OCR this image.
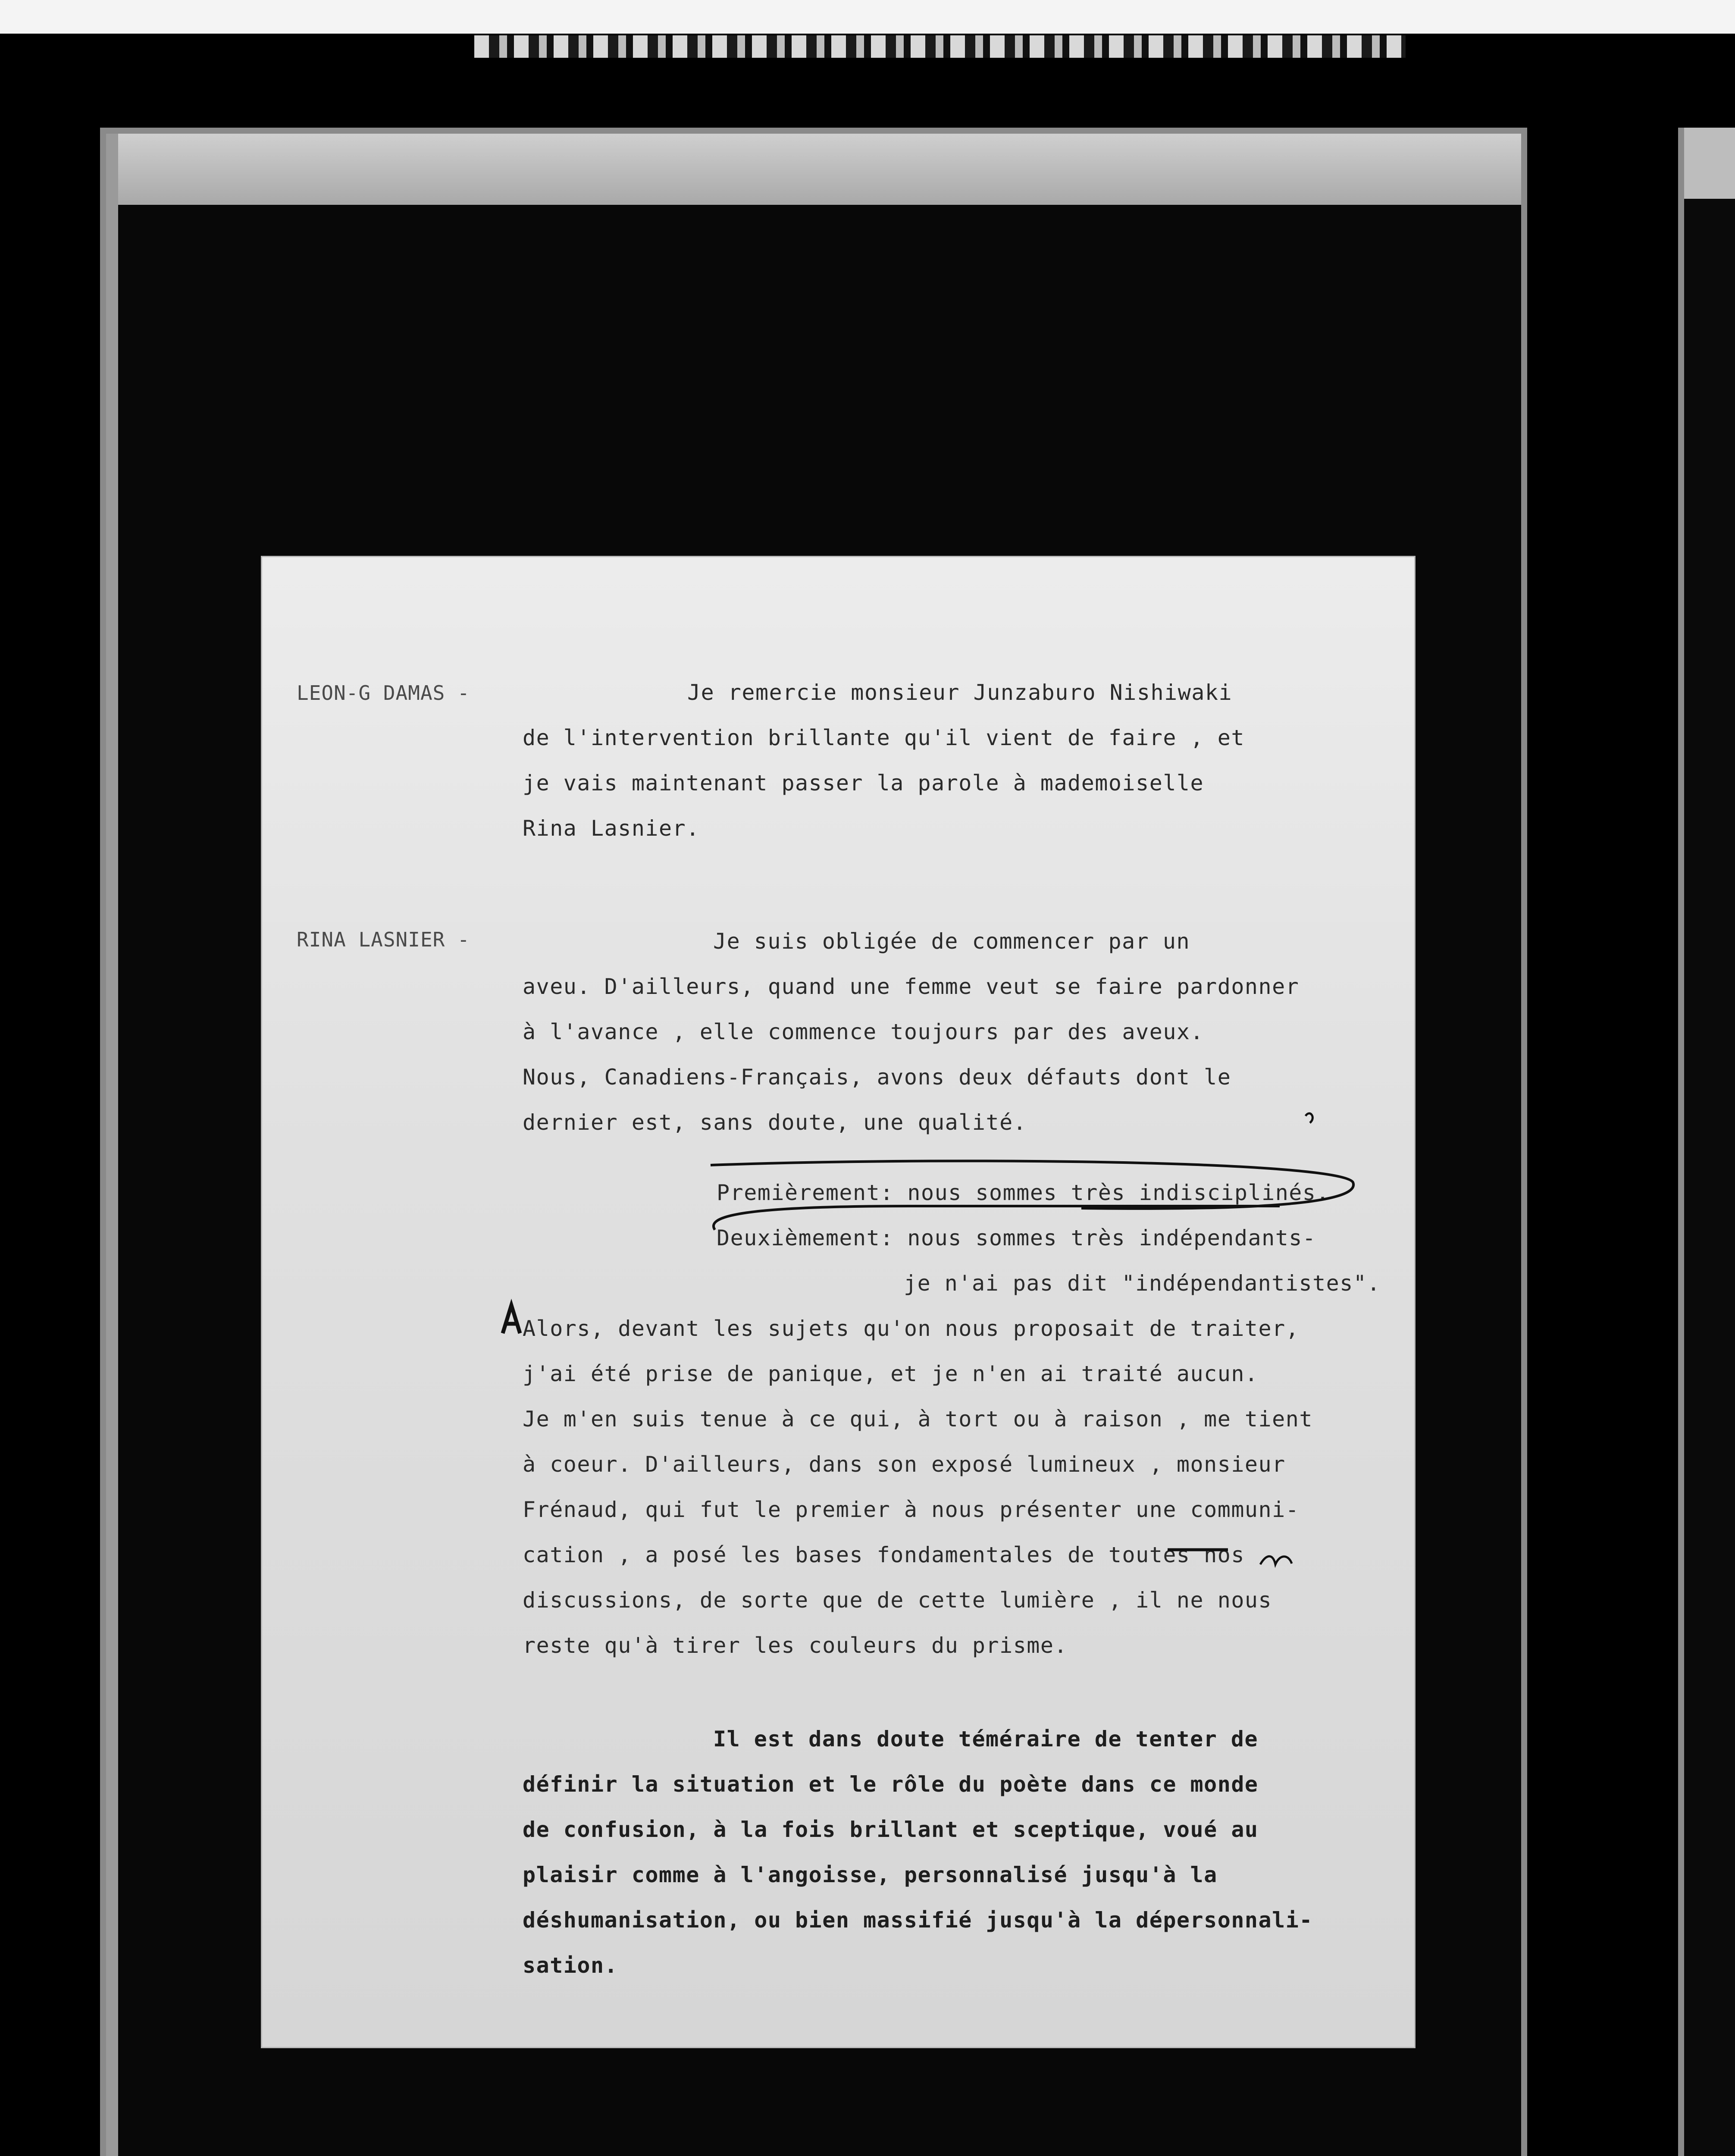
LEON-G DAMAS -
RINA LASNIER -
Je remercie monsieur Junzaburo Nishiwaki
de l'intervention brillante qu'il vient de faire , et
je vais maintenant passer la parole à mademoiselle
Rina Lasnier.
Je suis obligée de commencer par un
aveu. D'ailleurs, quand une femme veut se faire pardonner
à l'avance , elle commence toujours par des aveux.
Nous, Canadiens-Français, avons deux défauts dont le
dernier est, sans doute, une qualité.
Premièrement: nous sommes très indisciplinés.
Deuxièmement: nous sommes très indépendants-
je n'ai pas dit "indépendantistes".
Alors, devant les sujets qu'on nous proposait de traiter,
j'ai été prise de panique, et je n'en ai traité aucun.
Je m'en suis tenue à ce qui, à tort ou à raison , me tient
à coeur. D'ailleurs, dans son exposé lumineux , monsieur
Frénaud, qui fut le premier à nous présenter une communi-
cation , a posé les bases fondamentales de toutes nos
discussions, de sorte que de cette lumière , il ne nous
reste qu'à tirer les couleurs du prisme.
Il est dans doute téméraire de tenter de
définir la situation et le rôle du poète dans ce monde
de confusion, à la fois brillant et sceptique, voué au
plaisir comme à l'angoisse, personnalisé jusqu'à la
déshumanisation, ou bien massifié jusqu'à la dépersonnali-
sation.
